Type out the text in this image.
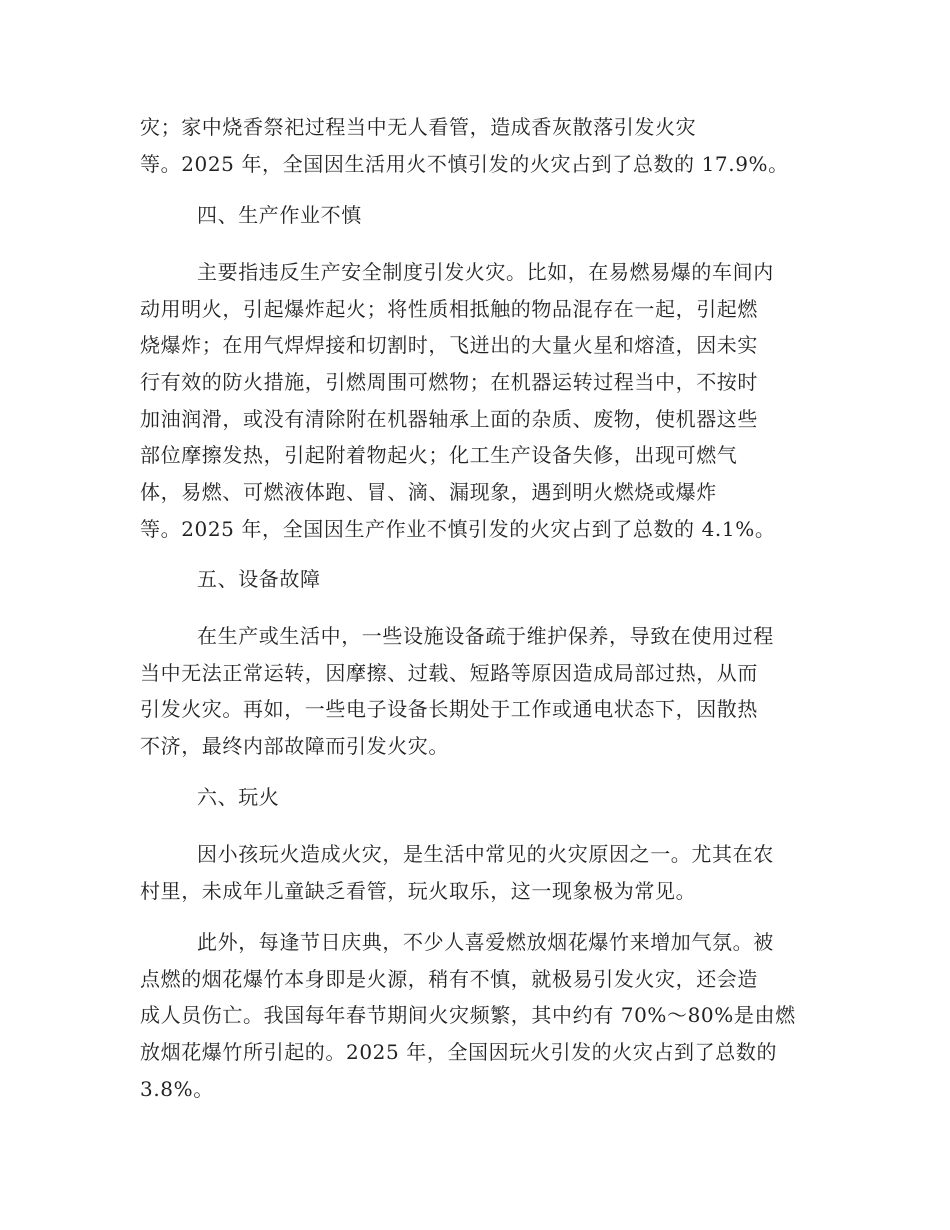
灾；家中烧香祭祀过程当中无人看管，造成香灰散落引发火灾
等。2025 年，全国因生活用火不慎引发的火灾占到了总数的 17.9%。
四、生产作业不慎
主要指违反生产安全制度引发火灾。比如，在易燃易爆的车间内
动用明火，引起爆炸起火；将性质相抵触的物品混存在一起，引起燃
烧爆炸；在用气焊焊接和切割时，飞迸出的大量火星和熔渣，因未实
行有效的防火措施，引燃周围可燃物；在机器运转过程当中，不按时
加油润滑，或没有清除附在机器轴承上面的杂质、废物，使机器这些
部位摩擦发热，引起附着物起火；化工生产设备失修，出现可燃气
体，易燃、可燃液体跑、冒、滴、漏现象，遇到明火燃烧或爆炸
等。2025 年，全国因生产作业不慎引发的火灾占到了总数的 4.1%。
五、设备故障
在生产或生活中，一些设施设备疏于维护保养，导致在使用过程
当中无法正常运转，因摩擦、过载、短路等原因造成局部过热，从而
引发火灾。再如，一些电子设备长期处于工作或通电状态下，因散热
不济，最终内部故障而引发火灾。
六、玩火
因小孩玩火造成火灾，是生活中常见的火灾原因之一。尤其在农
村里，未成年儿童缺乏看管，玩火取乐，这一现象极为常见。
此外，每逢节日庆典，不少人喜爱燃放烟花爆竹来增加气氛。被
点燃的烟花爆竹本身即是火源，稍有不慎，就极易引发火灾，还会造
成人员伤亡。我国每年春节期间火灾频繁，其中约有 70%～80%是由燃
放烟花爆竹所引起的。2025 年，全国因玩火引发的火灾占到了总数的
3.8%。
